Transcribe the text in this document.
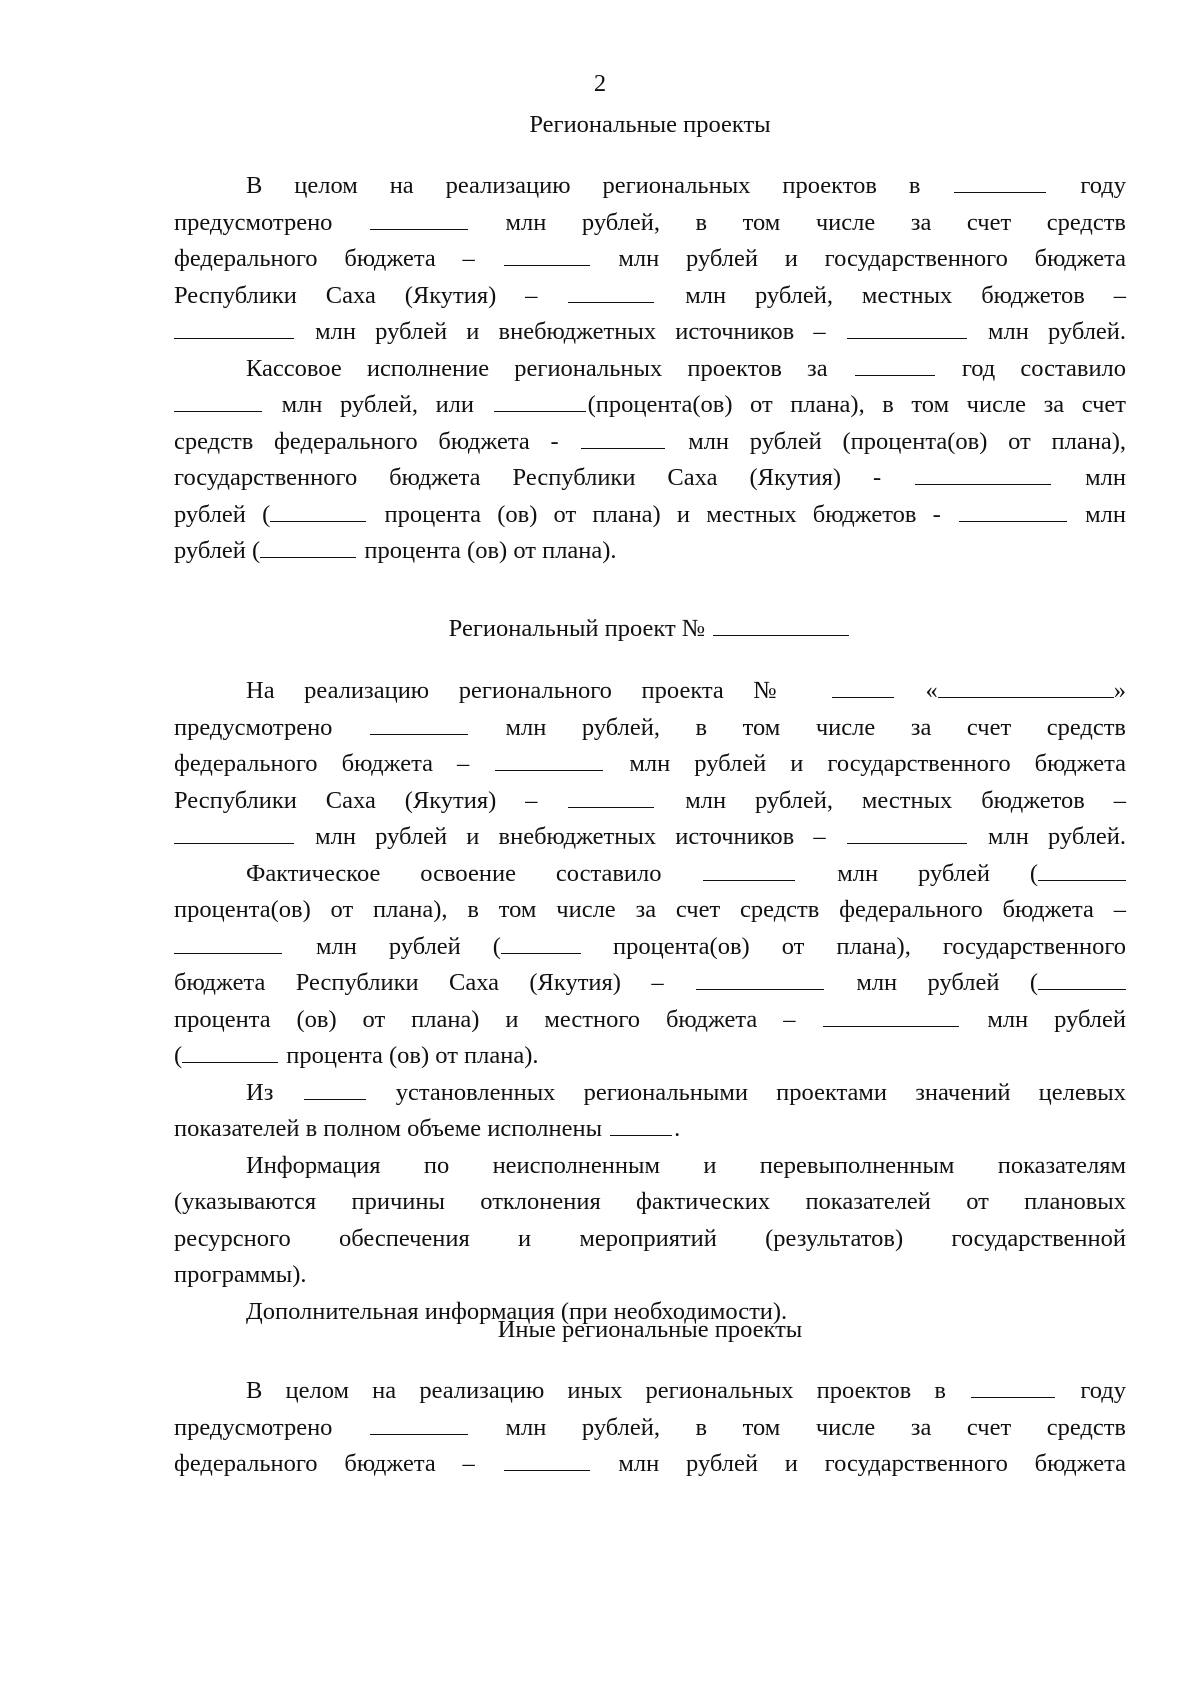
2
Региональные проекты
В целом на реализацию региональных проектов в	году
предусмотрено	млн рублей, в том числе за счет средств
федерального бюджета –	млн рублей и государственного бюджета
Республики Саха (Якутия) –	млн рублей, местных бюджетов –
млн рублей и внебюджетных источников –	млн рублей.
Кассовое исполнение региональных проектов за	год составило
млн рублей, или	(процента(ов) от плана), в том числе за счет
средств федерального бюджета -	млн рублей (процента(ов) от плана),
государственного бюджета Республики Саха (Якутия) -	млн
рублей (	процента (ов) от плана) и местных бюджетов -	млн
рублей (	процента (ов) от плана).
Региональный проект №
На реализацию регионального проекта №	«	»
предусмотрено	млн рублей, в том числе за счет средств
федерального бюджета –	млн рублей и государственного бюджета
Республики Саха (Якутия) –	млн рублей, местных бюджетов –
млн рублей и внебюджетных источников –	млн рублей.
Фактическое освоение составило	млн рублей (
процента(ов) от плана), в том числе за счет средств федерального бюджета –
млн рублей (	процента(ов) от плана), государственного
бюджета Республики Саха (Якутия) –	млн рублей (
процента (ов) от плана) и местного бюджета –	млн рублей
(	процента (ов) от плана).
Из	установленных региональными проектами значений целевых
показателей в полном объеме исполнены	.
Информация по неисполненным и перевыполненным показателям
(указываются причины отклонения фактических показателей от плановых
ресурсного обеспечения и мероприятий (результатов) государственной
программы).
Дополнительная информация (при необходимости).
Иные региональные проекты
В целом на реализацию иных региональных проектов в	году
предусмотрено	млн рублей, в том числе за счет средств
федерального бюджета –	млн рублей и государственного бюджета
